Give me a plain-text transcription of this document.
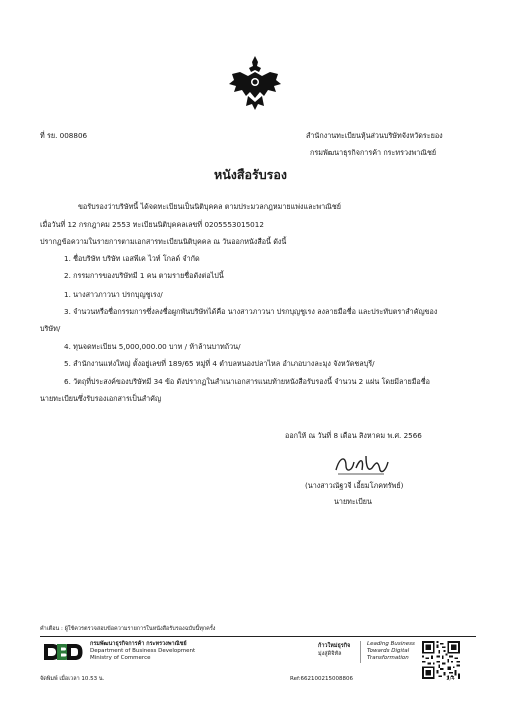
ที่ รย. 008806	สำนักงานทะเบียนหุ้นส่วนบริษัทจังหวัดระยอง
กรมพัฒนาธุรกิจการค้า กระทรวงพาณิชย์
หนังสือรับรอง
ขอรับรองว่าบริษัทนี้ ได้จดทะเบียนเป็นนิติบุคคล ตามประมวลกฎหมายแพ่งและพาณิชย์
เมื่อวันที่ 12 กรกฎาคม 2553 ทะเบียนนิติบุคคลเลขที่ 0205553015012
ปรากฏข้อความในรายการตามเอกสารทะเบียนนิติบุคคล ณ วันออกหนังสือนี้ ดังนี้
1. ชื่อบริษัท บริษัท เอสพีเค ไวท์ โกลด์ จำกัด
2. กรรมการของบริษัทมี 1 คน ตามรายชื่อดังต่อไปนี้
1. นางสาวภาวนา ปรกบุญชูเรง/
3. จำนวนหรือชื่อกรรมการซึ่งลงชื่อผูกพันบริษัทได้คือ นางสาวภาวนา ปรกบุญชูเรง ลงลายมือชื่อ และประทับตราสำคัญของ
บริษัท/
4. ทุนจดทะเบียน 5,000,000.00 บาท / ห้าล้านบาทถ้วน/
5. สำนักงานแห่งใหญ่ ตั้งอยู่เลขที่ 189/65 หมู่ที่ 4 ตำบลหนองปลาไหล อำเภอบางละมุง จังหวัดชลบุรี/
6. วัตถุที่ประสงค์ของบริษัทมี 34 ข้อ ดังปรากฏในสำเนาเอกสารแนบท้ายหนังสือรับรองนี้ จำนวน 2 แผ่น โดยมีลายมือชื่อ
นายทะเบียนซึ่งรับรองเอกสารเป็นสำคัญ
ออกให้ ณ วันที่ 8 เดือน สิงหาคม พ.ศ. 2566
(นางสาวณัฐวจี เอี้ยมโภคทรัพย์)
นายทะเบียน
คำเตือน : ผู้ใช้ควรตรวจสอบข้อความรายการในหนังสือรับรองฉบับนี้ทุกครั้ง
กรมพัฒนาธุรกิจการค้า กระทรวงพาณิชย์
Department of Business Development
Ministry of Commerce
ก้าวใหม่ธุรกิจ
มุ่งสู่ดิจิทัล
Leading Business
Towards Digital
Transformation
จัดพิมพ์ เมื่อเวลา 10.53 น.	Ref:662100215008806	1/4
